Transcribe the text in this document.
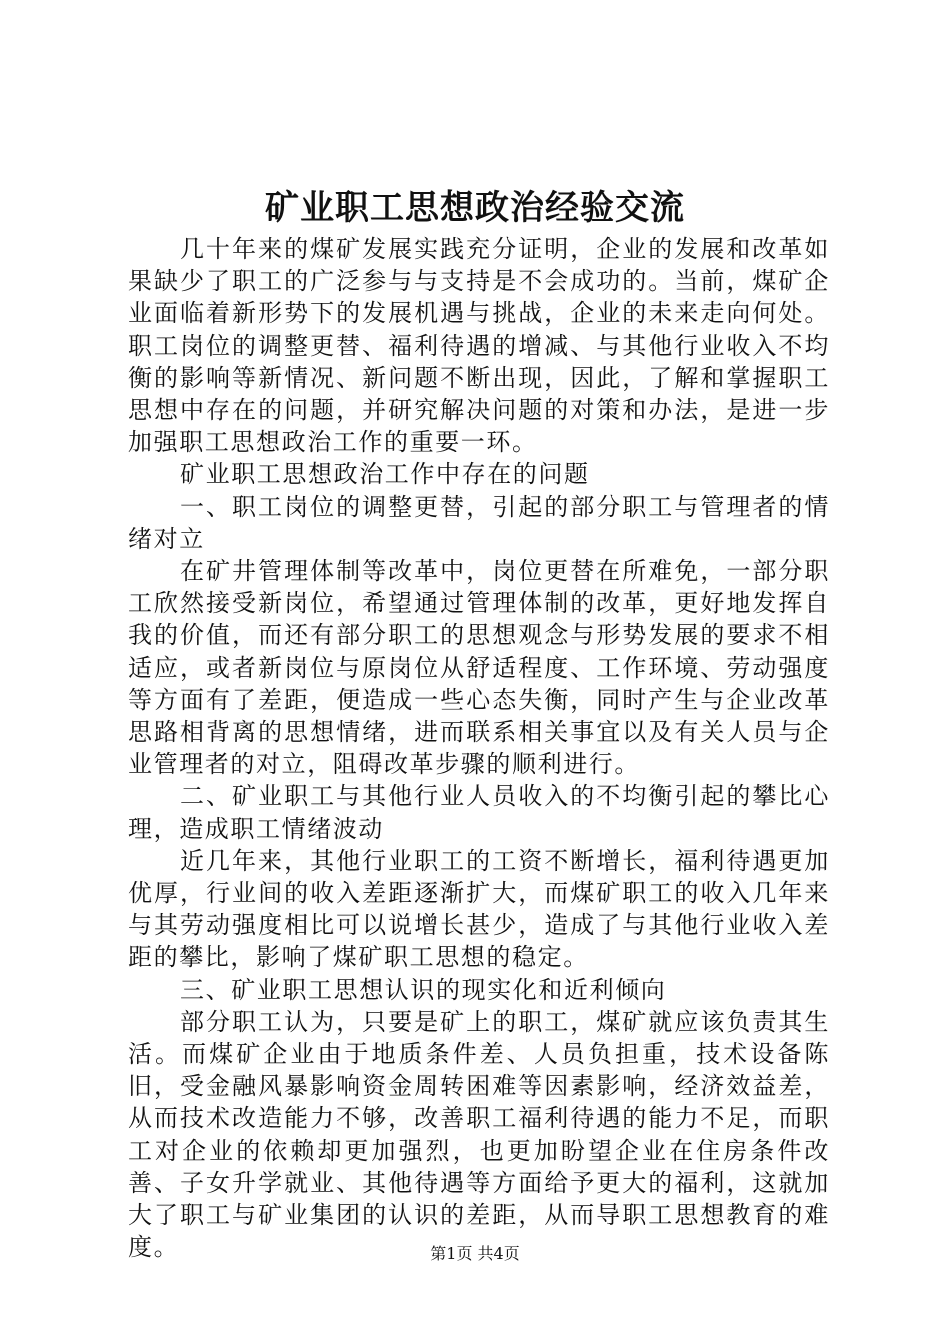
矿业职工思想政治经验交流

几十年来的煤矿发展实践充分证明，企业的发展和改革如果缺少了职工的广泛参与与支持是不会成功的。当前，煤矿企业面临着新形势下的发展机遇与挑战，企业的未来走向何处。职工岗位的调整更替、福利待遇的增减、与其他行业收入不均衡的影响等新情况、新问题不断出现，因此，了解和掌握职工思想中存在的问题，并研究解决问题的对策和办法，是进一步加强职工思想政治工作的重要一环。

矿业职工思想政治工作中存在的问题

一、职工岗位的调整更替，引起的部分职工与管理者的情绪对立

在矿井管理体制等改革中，岗位更替在所难免，一部分职工欣然接受新岗位，希望通过管理体制的改革，更好地发挥自我的价值，而还有部分职工的思想观念与形势发展的要求不相适应，或者新岗位与原岗位从舒适程度、工作环境、劳动强度等方面有了差距，便造成一些心态失衡，同时产生与企业改革思路相背离的思想情绪，进而联系相关事宜以及有关人员与企业管理者的对立，阻碍改革步骤的顺利进行。

二、矿业职工与其他行业人员收入的不均衡引起的攀比心理，造成职工情绪波动

近几年来，其他行业职工的工资不断增长，福利待遇更加优厚，行业间的收入差距逐渐扩大，而煤矿职工的收入几年来与其劳动强度相比可以说增长甚少，造成了与其他行业收入差距的攀比，影响了煤矿职工思想的稳定。

三、矿业职工思想认识的现实化和近利倾向

部分职工认为，只要是矿上的职工，煤矿就应该负责其生活。而煤矿企业由于地质条件差、人员负担重，技术设备陈旧，受金融风暴影响资金周转困难等因素影响，经济效益差，从而技术改造能力不够，改善职工福利待遇的能力不足，而职工对企业的依赖却更加强烈，也更加盼望企业在住房条件改善、子女升学就业、其他待遇等方面给予更大的福利，这就加大了职工与矿业集团的认识的差距，从而导职工思想教育的难度。	第1页 共4页
